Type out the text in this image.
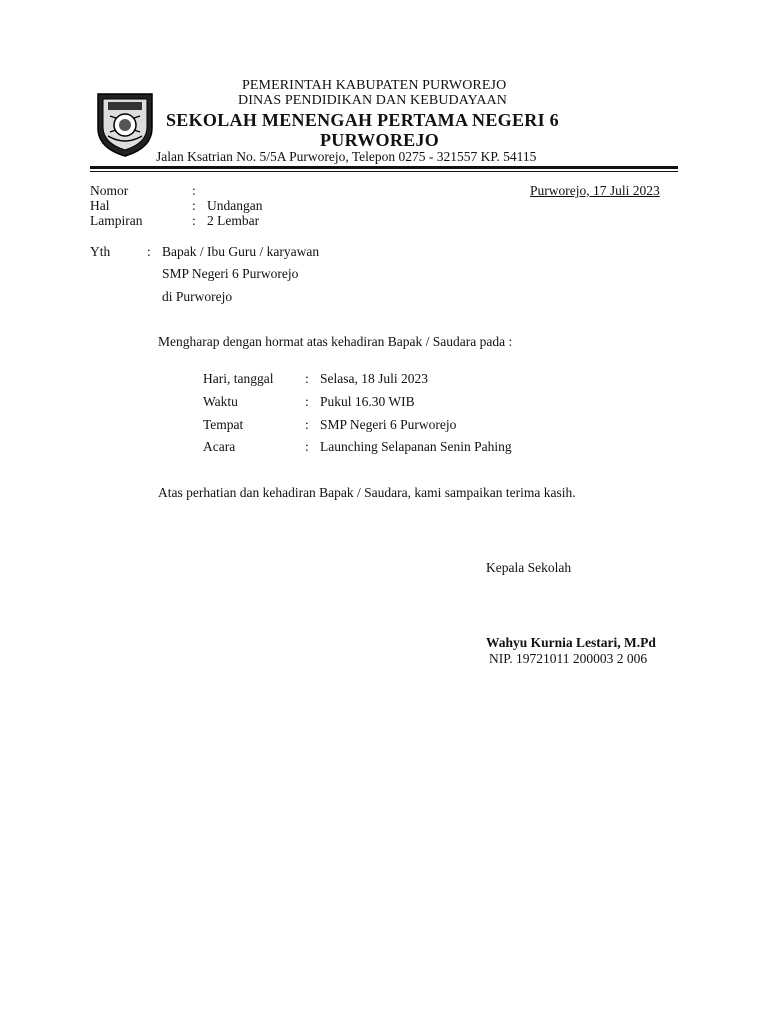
PEMERINTAH KABUPATEN PURWOREJO
DINAS PENDIDIKAN DAN KEBUDAYAAN
SEKOLAH MENENGAH PERTAMA NEGERI 6
PURWOREJO
Jalan Ksatrian No. 5/5A Purworejo, Telepon 0275 - 321557 KP. 54115
Nomor	:	Purworejo, 17 Juli 2023
Hal	: Undangan
Lampiran	: 2 Lembar
Yth	: Bapak / Ibu Guru / karyawan
SMP Negeri 6 Purworejo
di Purworejo
Mengharap dengan hormat atas kehadiran Bapak / Saudara pada :
Hari, tanggal : Selasa, 18 Juli 2023
Waktu	: Pukul 16.30 WIB
Tempat	: SMP Negeri 6 Purworejo
Acara	: Launching Selapanan Senin Pahing
Atas perhatian dan kehadiran Bapak / Saudara, kami sampaikan terima kasih.
Kepala Sekolah
Wahyu Kurnia Lestari, M.Pd
NIP. 19721011 200003 2 006
